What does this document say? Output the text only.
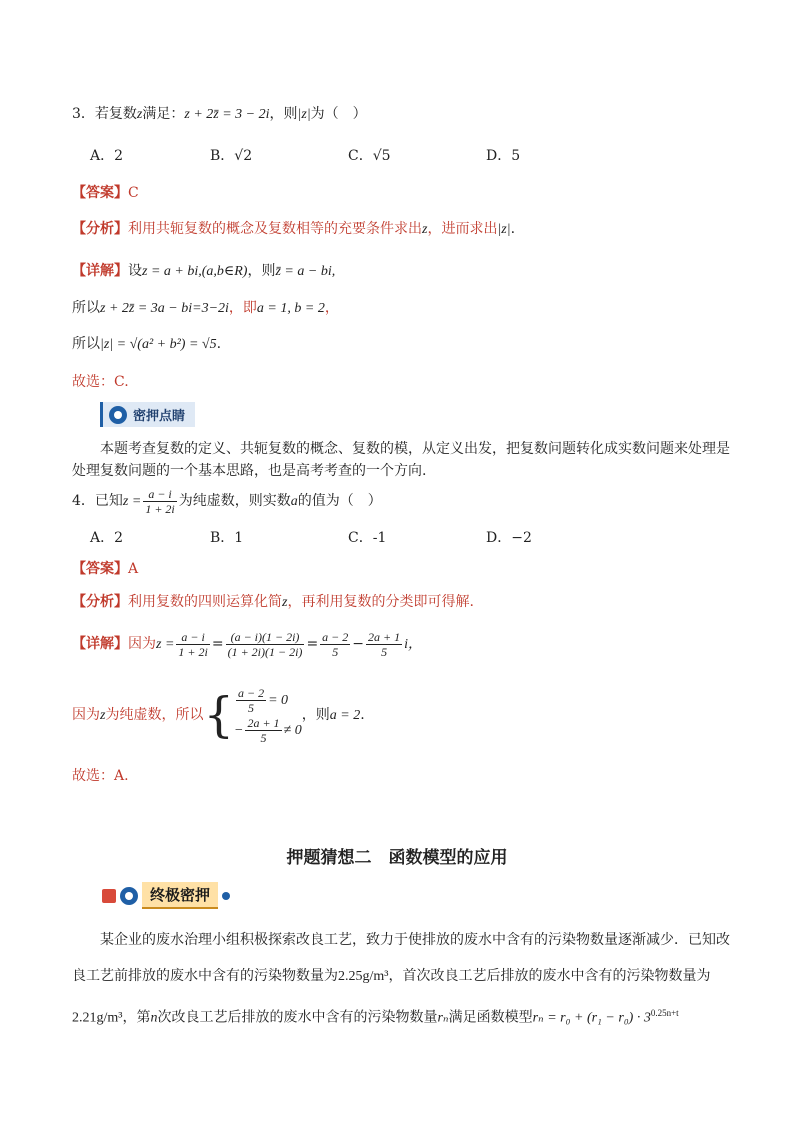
3．若复数z满足：z + 2z̄ = 3 − 2i，则|z|为（　）
A．2	B．√2	C．√5	D．5
【答案】C
【分析】利用共轭复数的概念及复数相等的充要条件求出z，进而求出|z|.
【详解】设z = a + bi,(a,b∈R)，则z̄ = a − bi,
所以z + 2z̄ = 3a − bi=3−2i，即a = 1, b = 2，
所以|z| = √(a² + b²) = √5.
故选：C.
密押点睛
本题考查复数的定义、共轭复数的概念、复数的模，从定义出发，把复数问题转化成实数问题来处理是处理复数问题的一个基本思路，也是高考考查的一个方向.
4．已知$z = \frac{a - i}{1 + 2i}$ 为纯虚数，则实数a的值为（　）
A．2	B．1	C．-1	D．−2
【答案】A
【分析】利用复数的四则运算化简z，再利用复数的分类即可得解.
【详解】因为$z = \frac{a - i}{1 + 2i} = \frac{(a - i)(1 - 2i)}{(1 + 2i)(1 - 2i)} = \frac{a - 2}{5} - \frac{2a + 1}{5}$ i，
因为z为纯虚数，所以{ $\frac{a - 2}{5} = 0$
− $\frac{2a + 1}{5} \ne 0$
，则a = 2.
故选：A.
押题猜想二　函数模型的应用
终极密押
某企业的废水治理小组积极探索改良工艺，致力于使排放的废水中含有的污染物数量逐渐减少．已知改良工艺前排放的废水中含有的污染物数量为2.25g/m³，首次改良工艺后排放的废水中含有的污染物数量为2.21g/m³，第n次改良工艺后排放的废水中含有的污染物数量rₙ满足函数模型$r_n = r_0 + (r_1 - r_0) \cdot 3^{0.25n+t}$
